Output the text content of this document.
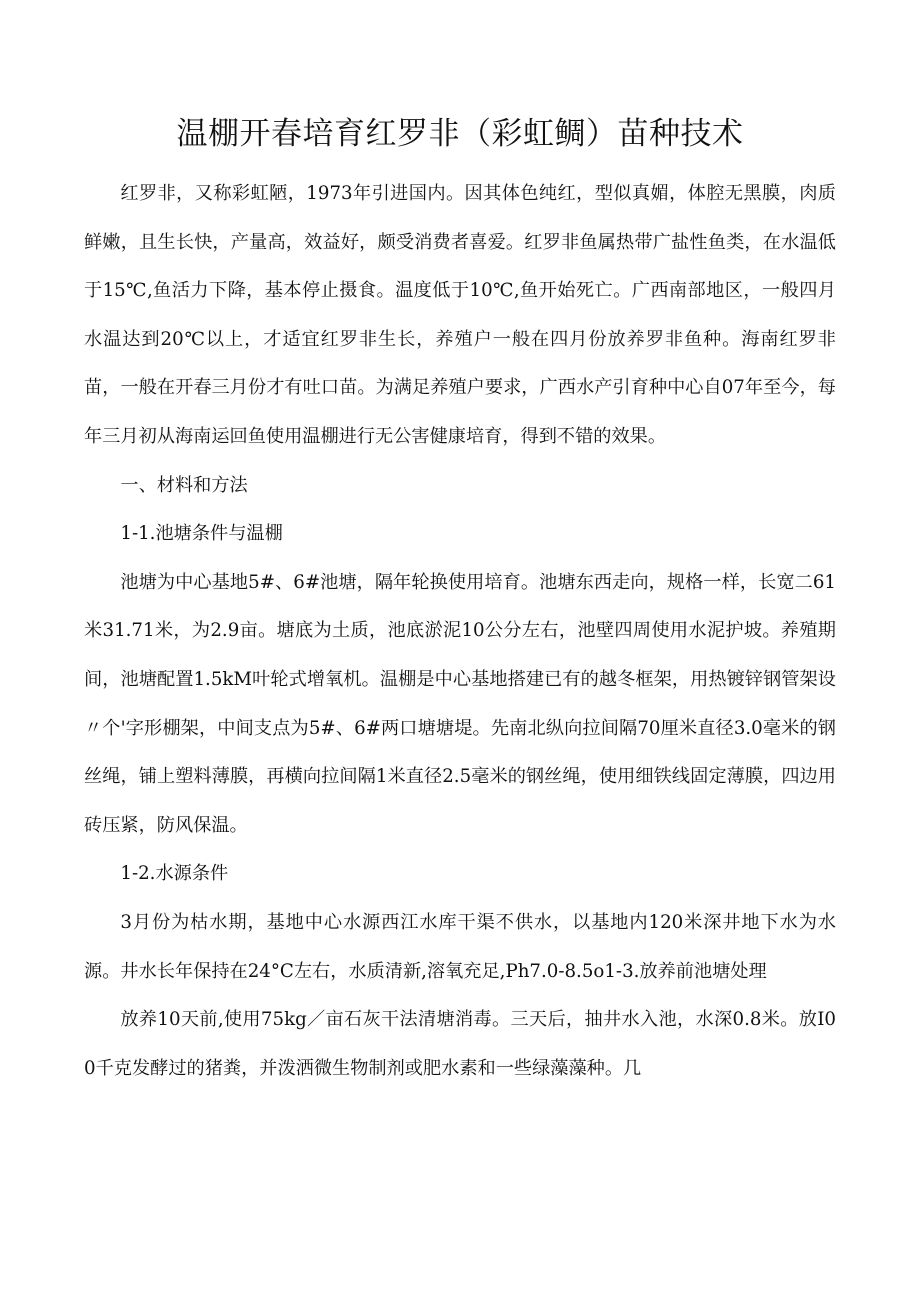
温棚开春培育红罗非（彩虹鲷）苗种技术

红罗非，又称彩虹陋，1973年引进国内。因其体色纯红，型似真媚，体腔无黑膜，肉质鲜嫩，且生长快，产量高，效益好，颇受消费者喜爱。红罗非鱼属热带广盐性鱼类，在水温低于15℃,鱼活力下降，基本停止摄食。温度低于10℃,鱼开始死亡。广西南部地区，一般四月水温达到20℃以上，才适宜红罗非生长，养殖户一般在四月份放养罗非鱼种。海南红罗非苗，一般在开春三月份才有吐口苗。为满足养殖户要求，广西水产引育种中心自07年至今，每年三月初从海南运回鱼使用温棚进行无公害健康培育，得到不错的效果。

一、材料和方法

1-1.池塘条件与温棚

池塘为中心基地5#、6#池塘，隔年轮换使用培育。池塘东西走向，规格一样，长宽二61米31.71米，为2.9亩。塘底为土质，池底淤泥10公分左右，池壁四周使用水泥护坡。养殖期间，池塘配置1.5kM叶轮式增氧机。温棚是中心基地搭建已有的越冬框架，用热镀锌钢管架设〃个'字形棚架，中间支点为5#、6#两口塘塘堤。先南北纵向拉间隔70厘米直径3.0毫米的钢丝绳，铺上塑料薄膜，再横向拉间隔1米直径2.5毫米的钢丝绳，使用细铁线固定薄膜，四边用砖压紧，防风保温。

1-2.水源条件

3月份为枯水期，基地中心水源西江水库干渠不供水，以基地内120米深井地下水为水源。井水长年保持在24°C左右，水质清新,溶氧充足,Ph7.0-8.5o1-3.放养前池塘处理

放养10天前,使用75kg／亩石灰干法清塘消毒。三天后，抽井水入池，水深0.8米。放I00千克发酵过的猪粪，并泼洒微生物制剂或肥水素和一些绿藻藻种。几
